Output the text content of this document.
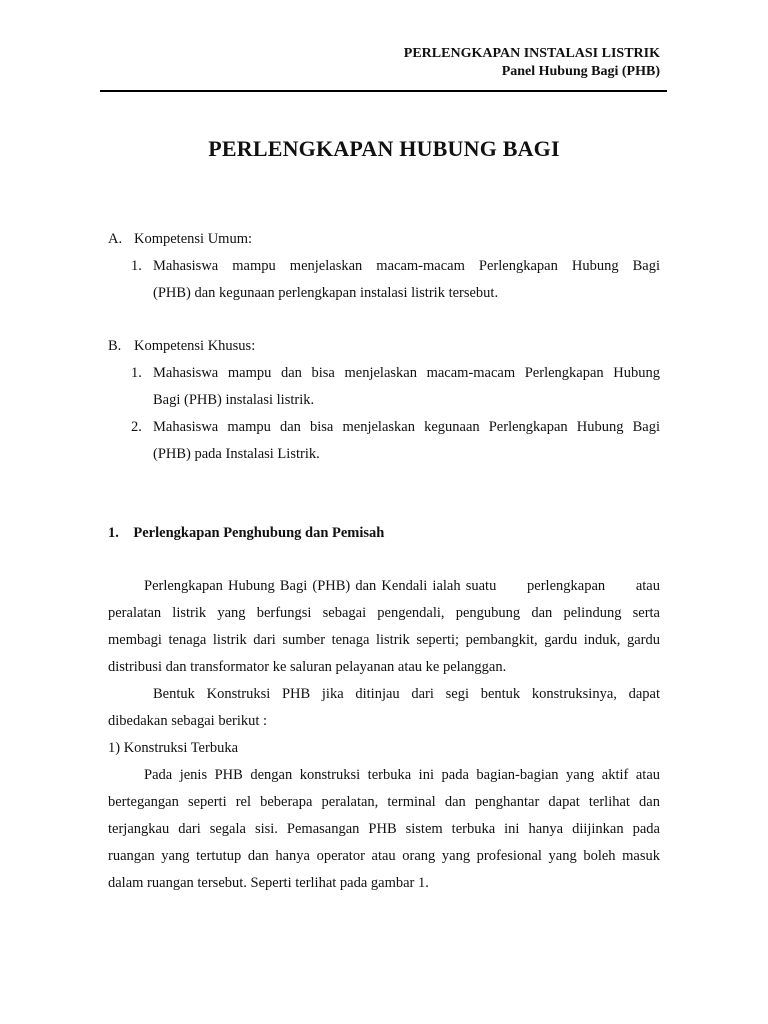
PERLENGKAPAN INSTALASI LISTRIK
Panel Hubung Bagi (PHB)
PERLENGKAPAN HUBUNG BAGI
A. Kompetensi Umum:
1. Mahasiswa mampu menjelaskan macam-macam Perlengkapan Hubung Bagi
(PHB) dan kegunaan perlengkapan instalasi listrik tersebut.
B. Kompetensi Khusus:
1. Mahasiswa mampu dan bisa menjelaskan macam-macam Perlengkapan Hubung
Bagi (PHB) instalasi listrik.
2. Mahasiswa mampu dan bisa menjelaskan kegunaan Perlengkapan Hubung Bagi
(PHB) pada Instalasi Listrik.
1.    Perlengkapan Penghubung dan Pemisah
Perlengkapan Hubung Bagi (PHB) dan Kendali ialah suatu      perlengkapan      atau
peralatan listrik yang berfungsi sebagai pengendali, pengubung dan pelindung serta
membagi tenaga listrik dari sumber tenaga listrik seperti; pembangkit, gardu induk, gardu
distribusi dan transformator ke saluran pelayanan atau ke pelanggan.
Bentuk Konstruksi PHB jika ditinjau dari segi bentuk konstruksinya, dapat
dibedakan sebagai berikut :
1) Konstruksi Terbuka
Pada jenis PHB dengan konstruksi terbuka ini pada bagian-bagian yang aktif atau
bertegangan seperti rel beberapa peralatan, terminal dan penghantar dapat terlihat dan
terjangkau dari segala sisi. Pemasangan PHB sistem terbuka ini hanya diijinkan pada
ruangan yang tertutup dan hanya operator atau orang yang profesional yang boleh masuk
dalam ruangan tersebut. Seperti terlihat pada gambar 1.
